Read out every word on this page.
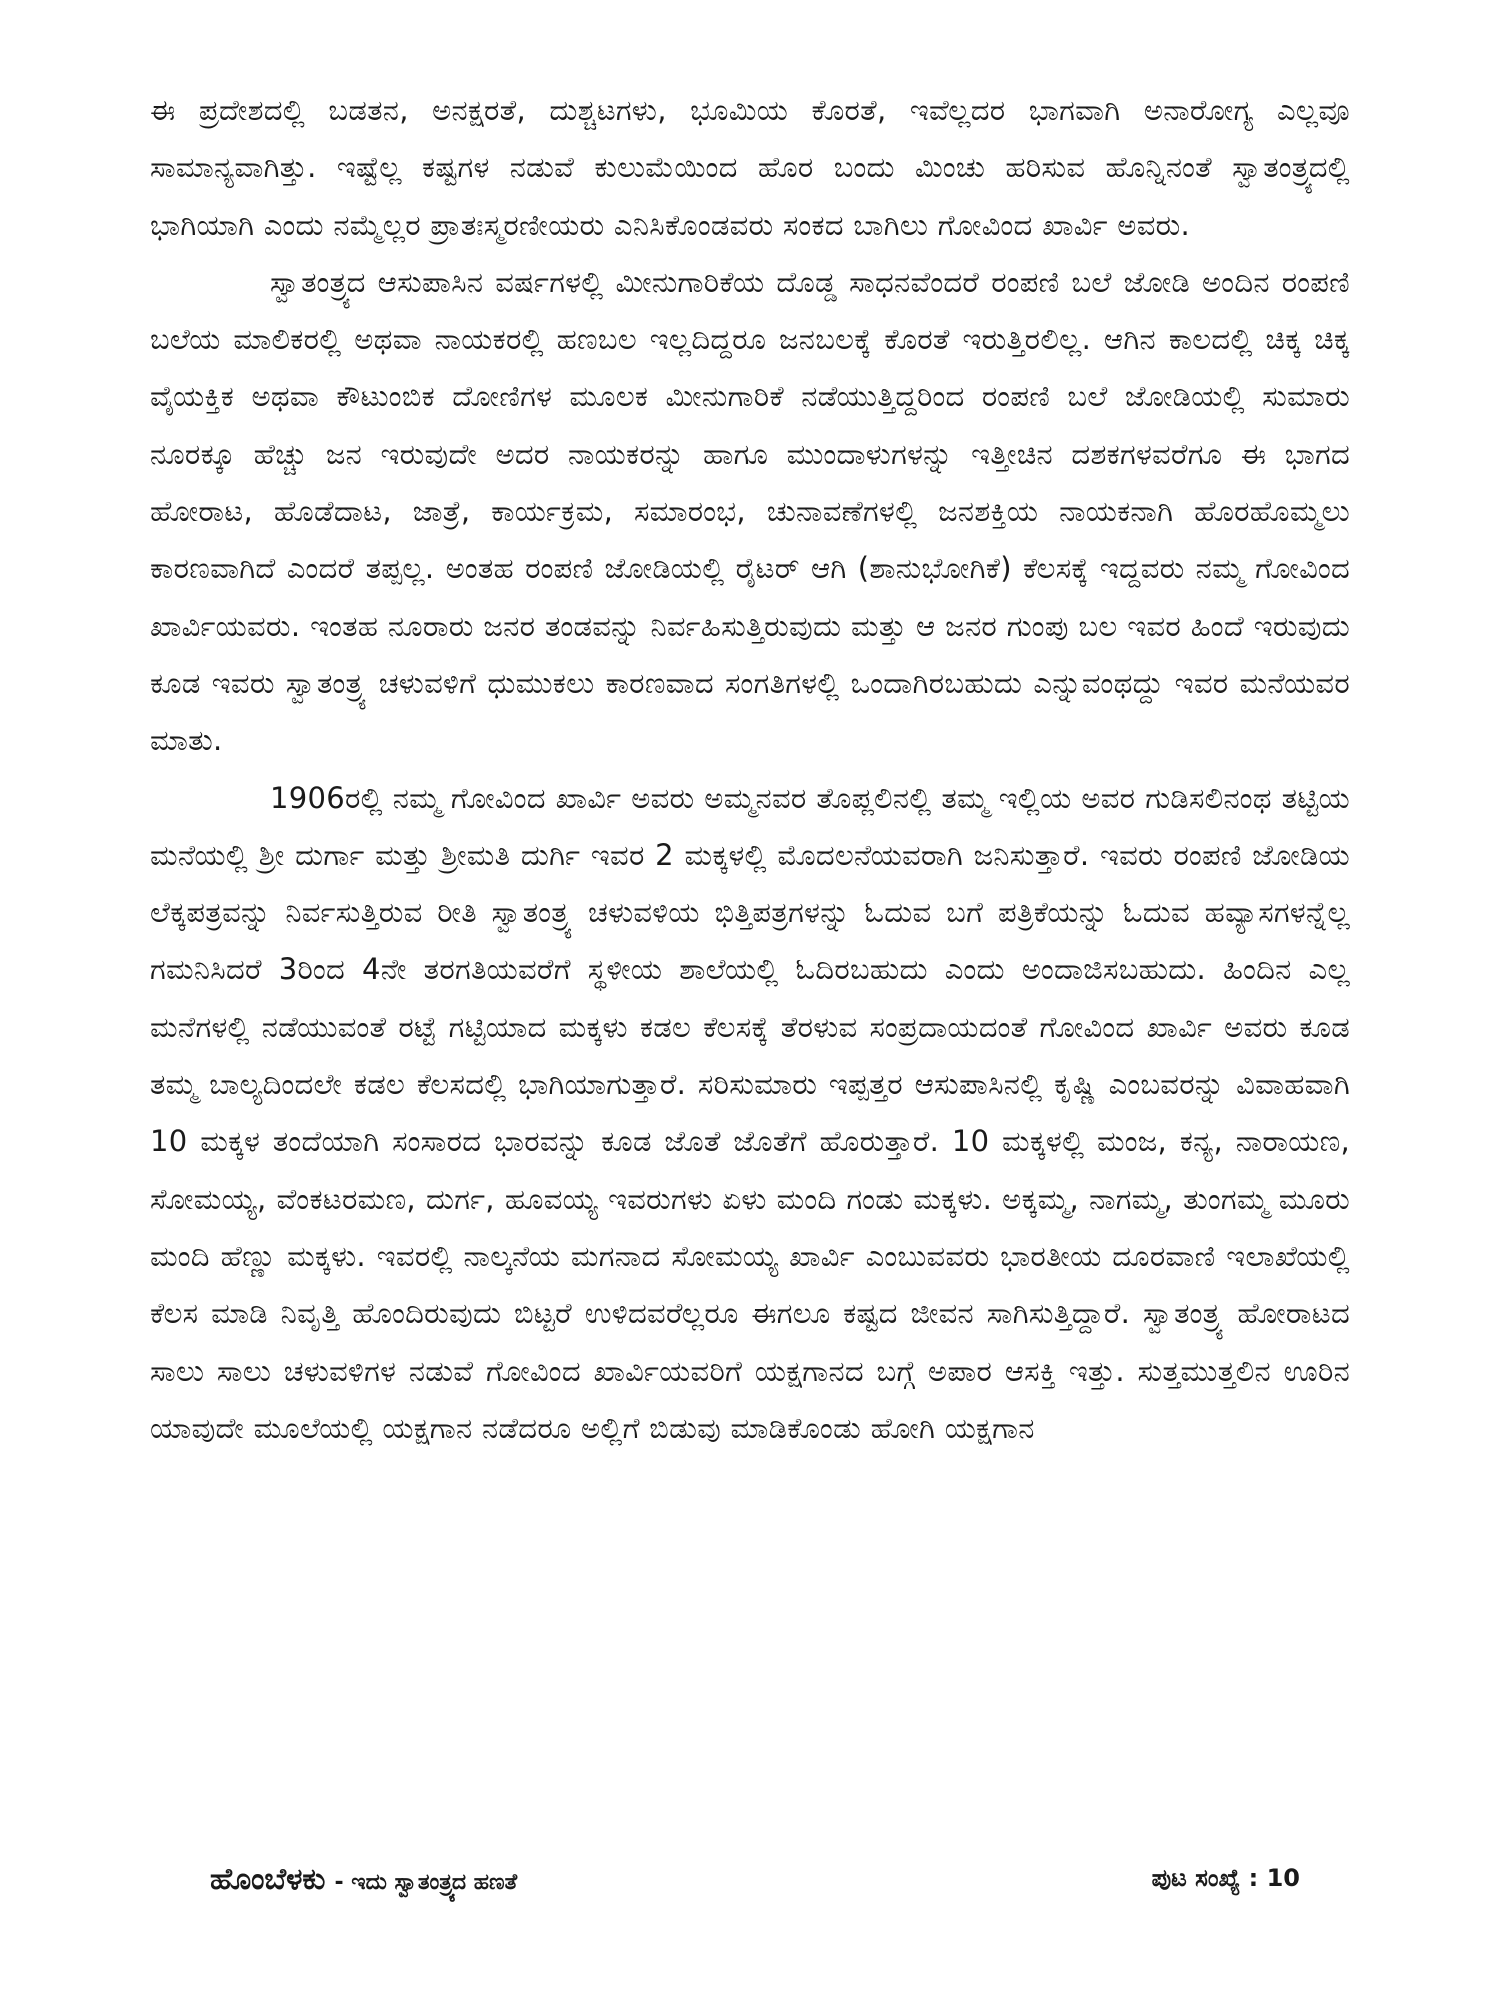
ಈ ಪ್ರದೇಶದಲ್ಲಿ ಬಡತನ, ಅನಕ್ಷರತೆ, ದುಶ್ಚಟಗಳು, ಭೂಮಿಯ ಕೊರತೆ, ಇವೆಲ್ಲದರ ಭಾಗವಾಗಿ ಅನಾರೋಗ್ಯ ಎಲ್ಲವೂ ಸಾಮಾನ್ಯವಾಗಿತ್ತು. ಇಷ್ಟೆಲ್ಲ ಕಷ್ಟಗಳ ನಡುವೆ ಕುಲುಮೆಯಿಂದ ಹೊರ ಬಂದು ಮಿಂಚು ಹರಿಸುವ ಹೊನ್ನಿನಂತೆ ಸ್ವಾತಂತ್ರ್ಯದಲ್ಲಿ ಭಾಗಿಯಾಗಿ ಎಂದು ನಮ್ಮೆಲ್ಲರ ಪ್ರಾತಃಸ್ಮರಣೀಯರು ಎನಿಸಿಕೊಂಡವರು ಸಂಕದ ಬಾಗಿಲು ಗೋವಿಂದ ಖಾರ್ವಿ ಅವರು.

ಸ್ವಾತಂತ್ರ್ಯದ ಆಸುಪಾಸಿನ ವರ್ಷಗಳಲ್ಲಿ ಮೀನುಗಾರಿಕೆಯ ದೊಡ್ಡ ಸಾಧನವೆಂದರೆ ರಂಪಣಿ ಬಲೆ ಜೋಡಿ ಅಂದಿನ ರಂಪಣಿ ಬಲೆಯ ಮಾಲಿಕರಲ್ಲಿ ಅಥವಾ ನಾಯಕರಲ್ಲಿ ಹಣಬಲ ಇಲ್ಲದಿದ್ದರೂ ಜನಬಲಕ್ಕೆ ಕೊರತೆ ಇರುತ್ತಿರಲಿಲ್ಲ. ಆಗಿನ ಕಾಲದಲ್ಲಿ ಚಿಕ್ಕ ಚಿಕ್ಕ ವೈಯಕ್ತಿಕ ಅಥವಾ ಕೌಟುಂಬಿಕ ದೋಣಿಗಳ ಮೂಲಕ ಮೀನುಗಾರಿಕೆ ನಡೆಯುತ್ತಿದ್ದರಿಂದ ರಂಪಣಿ ಬಲೆ ಜೋಡಿಯಲ್ಲಿ ಸುಮಾರು ನೂರಕ್ಕೂ ಹೆಚ್ಚು ಜನ ಇರುವುದೇ ಅದರ ನಾಯಕರನ್ನು ಹಾಗೂ ಮುಂದಾಳುಗಳನ್ನು ಇತ್ತೀಚಿನ ದಶಕಗಳವರೆಗೂ ಈ ಭಾಗದ ಹೋರಾಟ, ಹೊಡೆದಾಟ, ಜಾತ್ರೆ, ಕಾರ್ಯಕ್ರಮ, ಸಮಾರಂಭ, ಚುನಾವಣೆಗಳಲ್ಲಿ ಜನಶಕ್ತಿಯ ನಾಯಕನಾಗಿ ಹೊರಹೊಮ್ಮಲು ಕಾರಣವಾಗಿದೆ ಎಂದರೆ ತಪ್ಪಲ್ಲ. ಅಂತಹ ರಂಪಣಿ ಜೋಡಿಯಲ್ಲಿ ರೈಟರ್ ಆಗಿ (ಶಾನುಭೋಗಿಕೆ) ಕೆಲಸಕ್ಕೆ ಇದ್ದವರು ನಮ್ಮ ಗೋವಿಂದ ಖಾರ್ವಿಯವರು. ಇಂತಹ ನೂರಾರು ಜನರ ತಂಡವನ್ನು ನಿರ್ವಹಿಸುತ್ತಿರುವುದು ಮತ್ತು ಆ ಜನರ ಗುಂಪು ಬಲ ಇವರ ಹಿಂದೆ ಇರುವುದು ಕೂಡ ಇವರು ಸ್ವಾತಂತ್ರ್ಯ ಚಳುವಳಿಗೆ ಧುಮುಕಲು ಕಾರಣವಾದ ಸಂಗತಿಗಳಲ್ಲಿ ಒಂದಾಗಿರಬಹುದು ಎನ್ನುವಂಥದ್ದು ಇವರ ಮನೆಯವರ ಮಾತು.

1906ರಲ್ಲಿ ನಮ್ಮ ಗೋವಿಂದ ಖಾರ್ವಿ ಅವರು ಅಮ್ಮನವರ ತೊಪ್ಲಲಿನಲ್ಲಿ ತಮ್ಮ ಇಲ್ಲಿಯ ಅವರ ಗುಡಿಸಲಿನಂಥ ತಟ್ಟಿಯ ಮನೆಯಲ್ಲಿ ಶ್ರೀ ದುರ್ಗಾ ಮತ್ತು ಶ್ರೀಮತಿ ದುರ್ಗಿ ಇವರ 2 ಮಕ್ಕಳಲ್ಲಿ ಮೊದಲನೆಯವರಾಗಿ ಜನಿಸುತ್ತಾರೆ. ಇವರು ರಂಪಣಿ ಜೋಡಿಯ ಲೆಕ್ಕಪತ್ರವನ್ನು ನಿರ್ವಸುತ್ತಿರುವ ರೀತಿ ಸ್ವಾತಂತ್ರ್ಯ ಚಳುವಳಿಯ ಭಿತ್ತಿಪತ್ರಗಳನ್ನು ಓದುವ ಬಗೆ ಪತ್ರಿಕೆಯನ್ನು ಓದುವ ಹವ್ಯಾಸಗಳನ್ನೆಲ್ಲ ಗಮನಿಸಿದರೆ 3ರಿಂದ 4ನೇ ತರಗತಿಯವರೆಗೆ ಸ್ಥಳೀಯ ಶಾಲೆಯಲ್ಲಿ ಓದಿರಬಹುದು ಎಂದು ಅಂದಾಜಿಸಬಹುದು. ಹಿಂದಿನ ಎಲ್ಲ ಮನೆಗಳಲ್ಲಿ ನಡೆಯುವಂತೆ ರಟ್ಟೆ ಗಟ್ಟಿಯಾದ ಮಕ್ಕಳು ಕಡಲ ಕೆಲಸಕ್ಕೆ ತೆರಳುವ ಸಂಪ್ರದಾಯದಂತೆ ಗೋವಿಂದ ಖಾರ್ವಿ ಅವರು ಕೂಡ ತಮ್ಮ ಬಾಲ್ಯದಿಂದಲೇ ಕಡಲ ಕೆಲಸದಲ್ಲಿ ಭಾಗಿಯಾಗುತ್ತಾರೆ. ಸರಿಸುಮಾರು ಇಪ್ಪತ್ತರ ಆಸುಪಾಸಿನಲ್ಲಿ ಕೃಷ್ಣಿ ಎಂಬವರನ್ನು ವಿವಾಹವಾಗಿ 10 ಮಕ್ಕಳ ತಂದೆಯಾಗಿ ಸಂಸಾರದ ಭಾರವನ್ನು ಕೂಡ ಜೊತೆ ಜೊತೆಗೆ ಹೊರುತ್ತಾರೆ. 10 ಮಕ್ಕಳಲ್ಲಿ ಮಂಜ, ಕನ್ಯ, ನಾರಾಯಣ, ಸೋಮಯ್ಯ, ವೆಂಕಟರಮಣ, ದುರ್ಗ, ಹೂವಯ್ಯ ಇವರುಗಳು ಏಳು ಮಂದಿ ಗಂಡು ಮಕ್ಕಳು. ಅಕ್ಕಮ್ಮ, ನಾಗಮ್ಮ, ತುಂಗಮ್ಮ ಮೂರು ಮಂದಿ ಹೆಣ್ಣು ಮಕ್ಕಳು. ಇವರಲ್ಲಿ ನಾಲ್ಕನೆಯ ಮಗನಾದ ಸೋಮಯ್ಯ ಖಾರ್ವಿ ಎಂಬುವವರು ಭಾರತೀಯ ದೂರವಾಣಿ ಇಲಾಖೆಯಲ್ಲಿ ಕೆಲಸ ಮಾಡಿ ನಿವೃತ್ತಿ ಹೊಂದಿರುವುದು ಬಿಟ್ಟರೆ ಉಳಿದವರೆಲ್ಲರೂ ಈಗಲೂ ಕಷ್ಟದ ಜೀವನ ಸಾಗಿಸುತ್ತಿದ್ದಾರೆ. ಸ್ವಾತಂತ್ರ್ಯ ಹೋರಾಟದ ಸಾಲು ಸಾಲು ಚಳುವಳಿಗಳ ನಡುವೆ ಗೋವಿಂದ ಖಾರ್ವಿಯವರಿಗೆ ಯಕ್ಷಗಾನದ ಬಗ್ಗೆ ಅಪಾರ ಆಸಕ್ತಿ ಇತ್ತು. ಸುತ್ತಮುತ್ತಲಿನ ಊರಿನ ಯಾವುದೇ ಮೂಲೆಯಲ್ಲಿ ಯಕ್ಷಗಾನ ನಡೆದರೂ ಅಲ್ಲಿಗೆ ಬಿಡುವು ಮಾಡಿಕೊಂಡು ಹೋಗಿ ಯಕ್ಷಗಾನ

ಹೊಂಬೆಳಕು - ಇದು ಸ್ವಾತಂತ್ರ್ಯದ ಹಣತೆ	ಪುಟ ಸಂಖ್ಯೆ : 10
